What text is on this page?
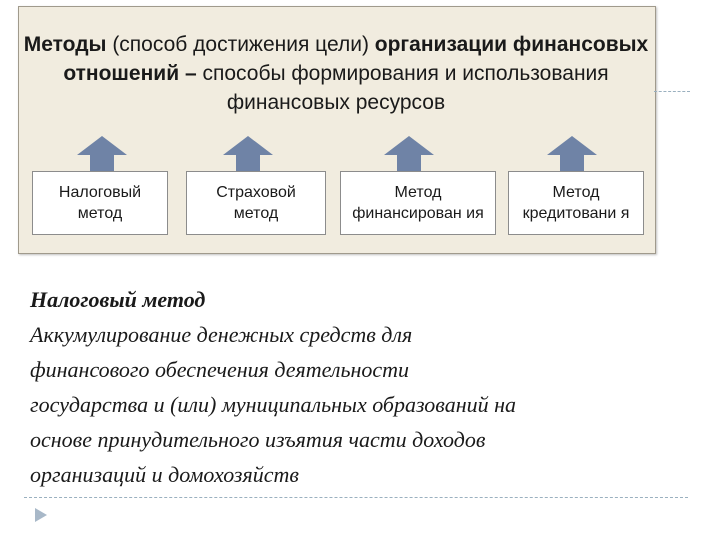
Методы (способ достижения цели) организации финансовых отношений – способы формирования и использования финансовых ресурсов
Налоговый метод
Страховой метод
Метод финансирован ия
Метод кредитовани я
Налоговый метод
Аккумулирование денежных средств для
финансового обеспечения деятельности
государства и (или) муниципальных образований на
основе принудительного изъятия части доходов
организаций и домохозяйств
